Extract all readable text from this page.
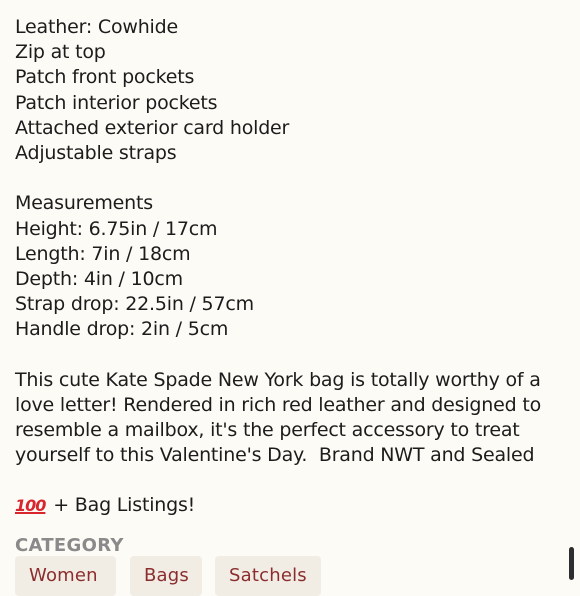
Leather: Cowhide
Zip at top
Patch front pockets
Patch interior pockets
Attached exterior card holder
Adjustable straps
Measurements
Height: 6.75in / 17cm
Length: 7in / 18cm
Depth: 4in / 10cm
Strap drop: 22.5in / 57cm
Handle drop: 2in / 5cm
This cute Kate Spade New York bag is totally worthy of a
love letter! Rendered in rich red leather and designed to
resemble a mailbox, it's the perfect accessory to treat
yourself to this Valentine's Day.  Brand NWT and Sealed
100 + Bag Listings!
CATEGORY
Women	Bags	Satchels
